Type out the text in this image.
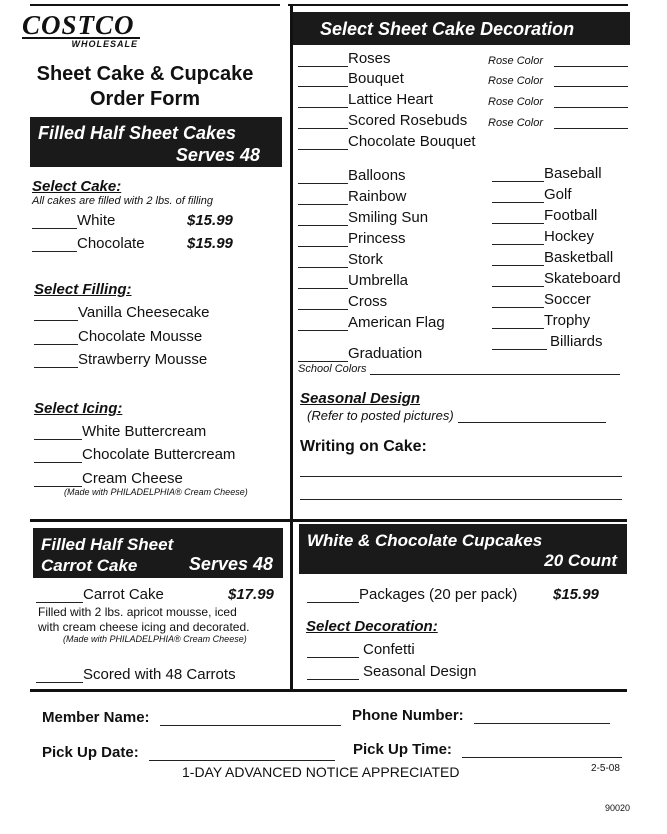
COSTCO
WHOLESALE
Sheet Cake & Cupcake
Order Form
Filled Half Sheet Cakes
Serves 48
Select Cake:
All cakes are filled with 2 lbs. of filling
White	$15.99
Chocolate	$15.99
Select Filling:
Vanilla Cheesecake
Chocolate Mousse
Strawberry Mousse
Select Icing:
White Buttercream
Chocolate Buttercream
Cream Cheese
(Made with PHILADELPHIA® Cream Cheese)
Select Sheet Cake Decoration
Roses	Rose Color
Bouquet	Rose Color
Lattice Heart	Rose Color
Scored Rosebuds	Rose Color
Chocolate Bouquet
Balloons
Rainbow
Smiling Sun
Princess
Stork
Umbrella
Cross
American Flag
Graduation
Baseball
Golf
Football
Hockey
Basketball
Skateboard
Soccer
Trophy
Billiards
School Colors
Seasonal Design
(Refer to posted pictures)
Writing on Cake:
Filled Half Sheet
Carrot Cake	Serves 48
Carrot Cake	$17.99
Filled with 2 lbs. apricot mousse, iced
with cream cheese icing and decorated.
(Made with PHILADELPHIA® Cream Cheese)
Scored with 48 Carrots
White & Chocolate Cupcakes
20 Count
Packages (20 per pack)	$15.99
Select Decoration:
Confetti
Seasonal Design
Member Name:	Phone Number:
Pick Up Date:	Pick Up Time:
1-DAY ADVANCED NOTICE APPRECIATED	2-5-08
90020
